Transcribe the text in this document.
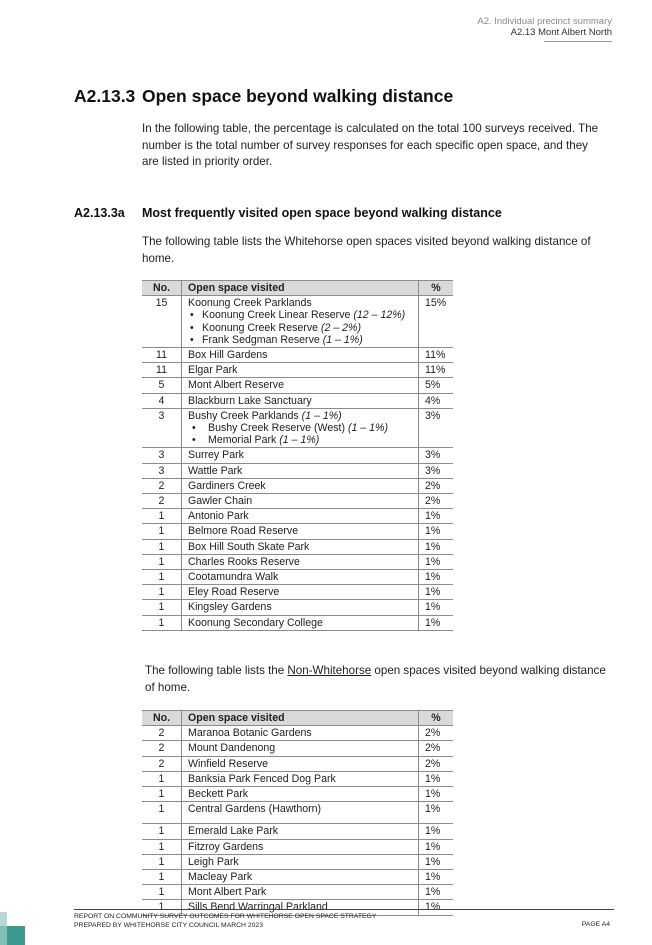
A2. Individual precinct summary
A2.13 Mont Albert North
A2.13.3 Open space beyond walking distance

In the following table, the percentage is calculated on the total 100 surveys received. The number is the total number of survey responses for each specific open space, and they are listed in priority order.

A2.13.3a Most frequently visited open space beyond walking distance

The following table lists the Whitehorse open spaces visited beyond walking distance of home.

No.	Open space visited	%
15	Koonung Creek Parklands
• Koonung Creek Linear Reserve (12 – 12%)
• Koonung Creek Reserve (2 – 2%)
• Frank Sedgman Reserve (1 – 1%)	15%
11	Box Hill Gardens	11%
11	Elgar Park	11%
5	Mont Albert Reserve	5%
4	Blackburn Lake Sanctuary	4%
3	Bushy Creek Parklands (1 – 1%)
• Bushy Creek Reserve (West) (1 – 1%)
• Memorial Park (1 – 1%)	3%
3	Surrey Park	3%
3	Wattle Park	3%
2	Gardiners Creek	2%
2	Gawler Chain	2%
1	Antonio Park	1%
1	Belmore Road Reserve	1%
1	Box Hill South Skate Park	1%
1	Charles Rooks Reserve	1%
1	Cootamundra Walk	1%
1	Eley Road Reserve	1%
1	Kingsley Gardens	1%
1	Koonung Secondary College	1%

The following table lists the Non-Whitehorse open spaces visited beyond walking distance of home.

No.	Open space visited	%
2	Maranoa Botanic Gardens	2%
2	Mount Dandenong	2%
2	Winfield Reserve	2%
1	Banksia Park Fenced Dog Park	1%
1	Beckett Park	1%
1	Central Gardens (Hawthorn)	1%
1	Emerald Lake Park	1%
1	Fitzroy Gardens	1%
1	Leigh Park	1%
1	Macleay Park	1%
1	Mont Albert Park	1%
1	Sills Bend Warringal Parkland	1%
REPORT ON COMMUNITY SURVEY OUTCOMES FOR WHITEHORSE OPEN SPACE STRATEGY
PREPARED BY WHITEHORSE CITY COUNCIL MARCH 2023	PAGE A4
